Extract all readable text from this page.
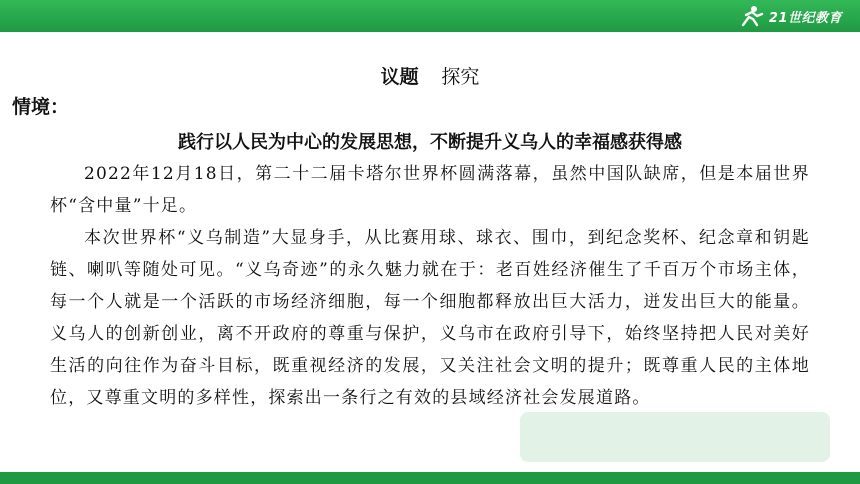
21世纪教育
议题 探究
情境：
践行以人民为中心的发展思想，不断提升义乌人的幸福感获得感

2022年12月18日，第二十二届卡塔尔世界杯圆满落幕，虽然中国队缺席，但是本届世界杯“含中量”十足。

本次世界杯“义乌制造”大显身手，从比赛用球、球衣、围巾，到纪念奖杯、纪念章和钥匙链、喇叭等随处可见。“义乌奇迹”的永久魅力就在于：老百姓经济催生了千百万个市场主体，每一个人就是一个活跃的市场经济细胞，每一个细胞都释放出巨大活力，迸发出巨大的能量。义乌人的创新创业，离不开政府的尊重与保护，义乌市在政府引导下，始终坚持把人民对美好生活的向往作为奋斗目标，既重视经济的发展，又关注社会文明的提升；既尊重人民的主体地位，又尊重文明的多样性，探索出一条行之有效的县域经济社会发展道路。
